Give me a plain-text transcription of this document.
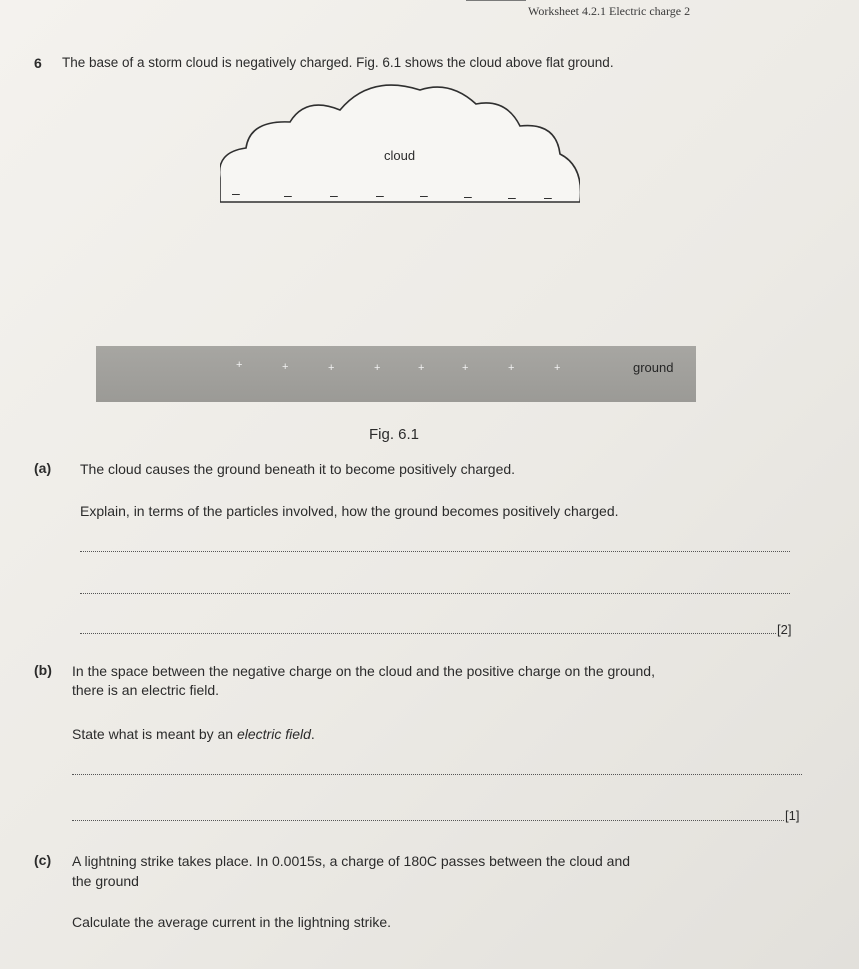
Worksheet 4.2.1 Electric charge 2
6 The base of a storm cloud is negatively charged. Fig. 6.1 shows the cloud above flat ground.
–	–	–	–	–	–	– –
cloud
+	+	+	+	+	+	+	+	ground
Fig. 6.1
(a) The cloud causes the ground beneath it to become positively charged.
Explain, in terms of the particles involved, how the ground becomes positively charged.
[2]
(b) In the space between the negative charge on the cloud and the positive charge on the ground,
there is an electric field.
State what is meant by an electric field.
[1]
(c) A lightning strike takes place. In 0.0015s, a charge of 180C passes between the cloud and
the ground
Calculate the average current in the lightning strike.
